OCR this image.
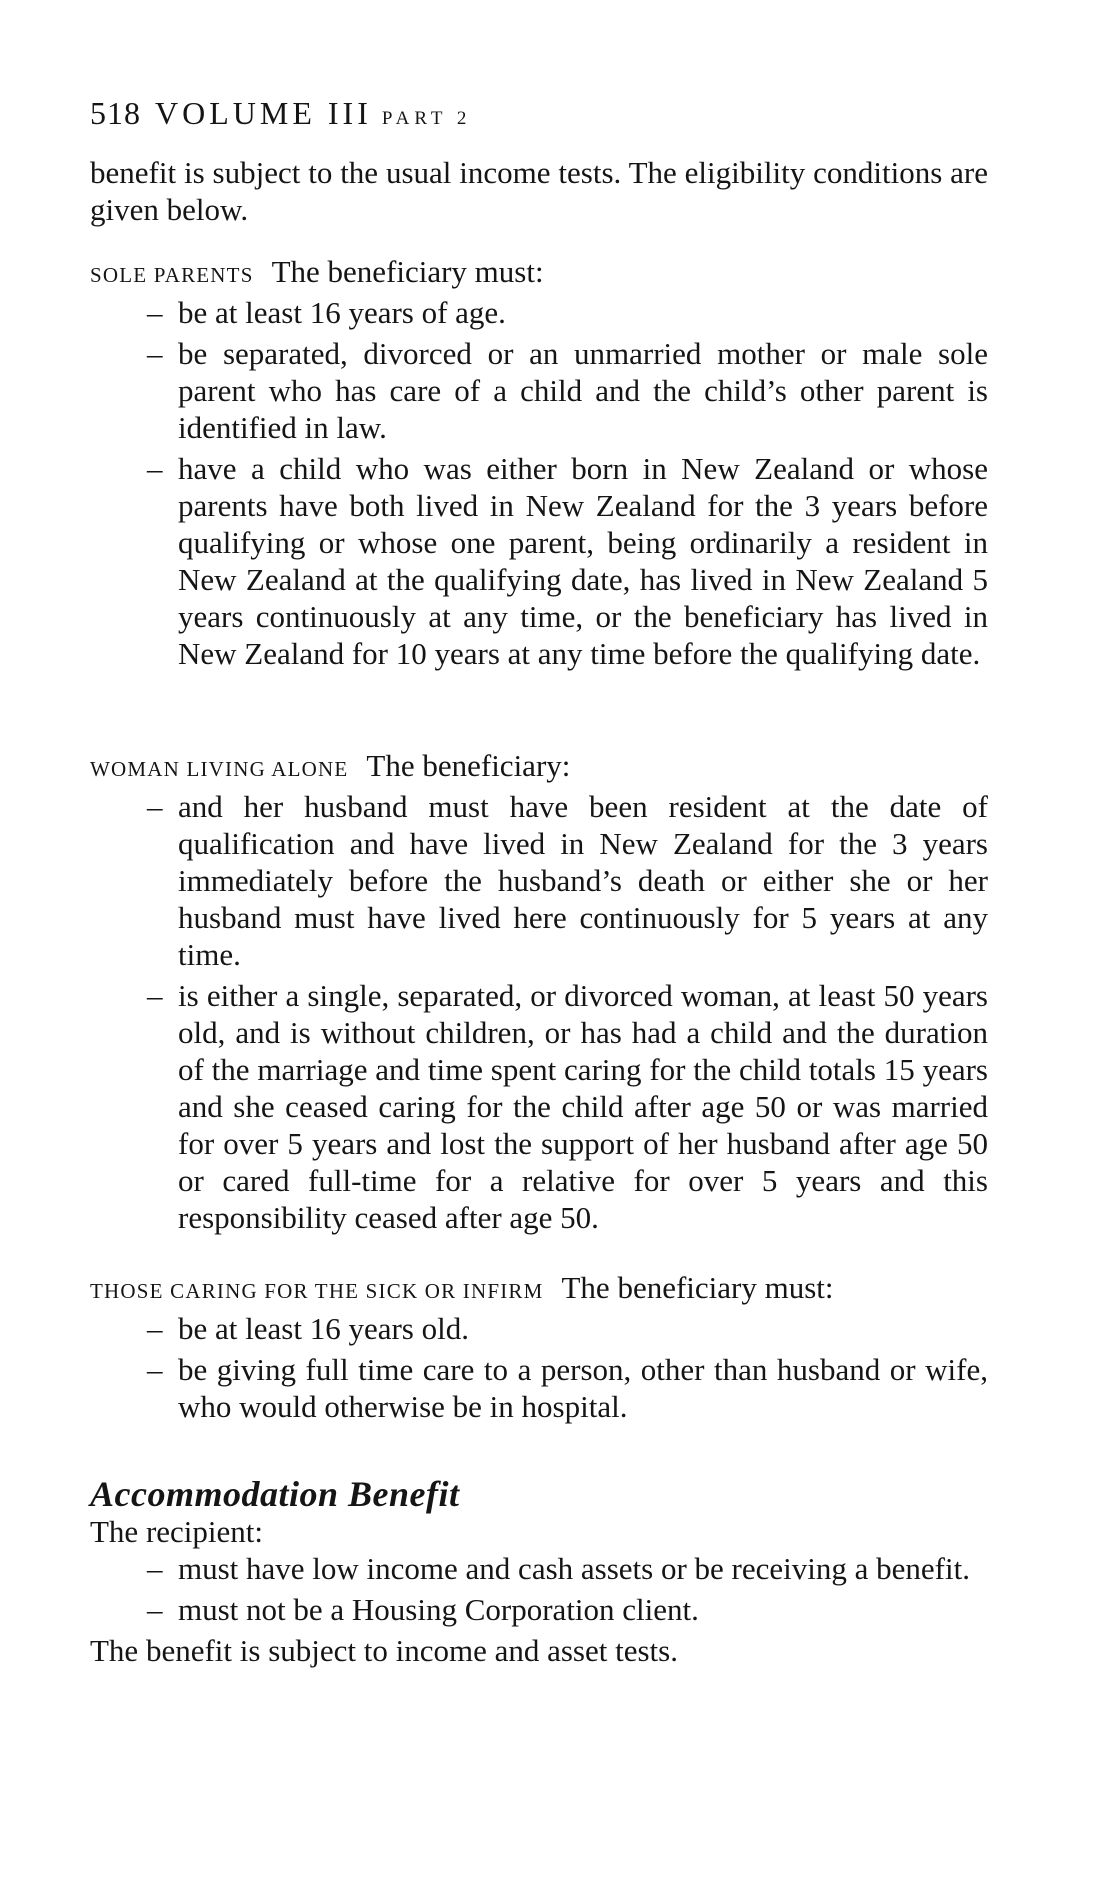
518 VOLUME III PART 2

benefit is subject to the usual income tests. The eligibility conditions are given below.

SOLE PARENTS The beneficiary must:

– be at least 16 years of age.
– be separated, divorced or an unmarried mother or male sole parent who has care of a child and the child’s other parent is identified in law.
– have a child who was either born in New Zealand or whose parents have both lived in New Zealand for the 3 years before qualifying or whose one parent, being ordinarily a resident in New Zealand at the qualifying date, has lived in New Zealand 5 years continuously at any time, or the beneficiary has lived in New Zealand for 10 years at any time before the qualifying date.

WOMAN LIVING ALONE The beneficiary:

– and her husband must have been resident at the date of qualification and have lived in New Zealand for the 3 years immediately before the husband’s death or either she or her husband must have lived here continuously for 5 years at any time.
– is either a single, separated, or divorced woman, at least 50 years old, and is without children, or has had a child and the duration of the marriage and time spent caring for the child totals 15 years and she ceased caring for the child after age 50 or was married for over 5 years and lost the support of her husband after age 50 or cared full-time for a relative for over 5 years and this responsibility ceased after age 50.

THOSE CARING FOR THE SICK OR INFIRM The beneficiary must:

– be at least 16 years old.
– be giving full time care to a person, other than husband or wife, who would otherwise be in hospital.
Accommodation Benefit

The recipient:

– must have low income and cash assets or be receiving a benefit.
– must not be a Housing Corporation client.

The benefit is subject to income and asset tests.
